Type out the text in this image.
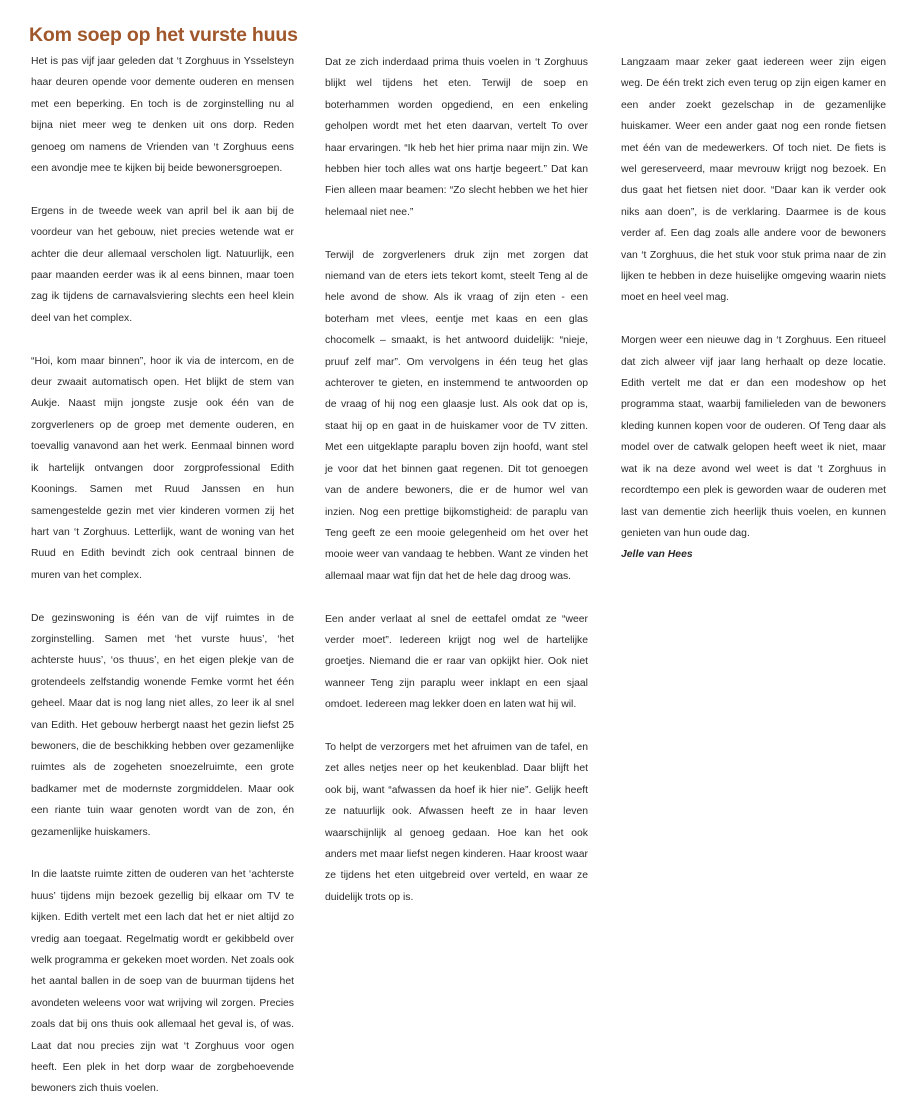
Kom soep op het vurste huus

Het is pas vijf jaar geleden dat ‘t Zorghuus in Ysselsteyn haar deuren opende voor demente ouderen en mensen met een beperking. En toch is de zorginstelling nu al bijna niet meer weg te denken uit ons dorp. Reden genoeg om namens de Vrienden van ‘t Zorghuus eens een avondje mee te kijken bij beide bewonersgroepen.

Ergens in de tweede week van april bel ik aan bij de voordeur van het gebouw, niet precies wetende wat er achter die deur allemaal verscholen ligt. Natuurlijk, een paar maanden eerder was ik al eens binnen, maar toen zag ik tijdens de carnavalsviering slechts een heel klein deel van het complex.

“Hoi, kom maar binnen”, hoor ik via de intercom, en de deur zwaait automatisch open. Het blijkt de stem van Aukje. Naast mijn jongste zusje ook één van de zorgverleners op de groep met demente ouderen, en toevallig vanavond aan het werk. Eenmaal binnen word ik hartelijk ontvangen door zorgprofessional Edith Koonings. Samen met Ruud Janssen en hun samengestelde gezin met vier kinderen vormen zij het hart van ‘t Zorghuus. Letterlijk, want de woning van het Ruud en Edith bevindt zich ook centraal binnen de muren van het complex.

De gezinswoning is één van de vijf ruimtes in de zorginstelling. Samen met ‘het vurste huus’, ‘het achterste huus’, ‘os thuus’, en het eigen plekje van de grotendeels zelfstandig wonende Femke vormt het één geheel. Maar dat is nog lang niet alles, zo leer ik al snel van Edith. Het gebouw herbergt naast het gezin liefst 25 bewoners, die de beschikking hebben over gezamenlijke ruimtes als de zogeheten snoezelruimte, een grote badkamer met de modernste zorgmiddelen. Maar ook een riante tuin waar genoten wordt van de zon, én gezamenlijke huiskamers.

In die laatste ruimte zitten de ouderen van het ‘achterste huus’ tijdens mijn bezoek gezellig bij elkaar om TV te kijken. Edith vertelt met een lach dat het er niet altijd zo vredig aan toegaat. Regelmatig wordt er gekibbeld over welk programma er gekeken moet worden. Net zoals ook het aantal ballen in de soep van de buurman tijdens het avondeten weleens voor wat wrijving wil zorgen. Precies zoals dat bij ons thuis ook allemaal het geval is, of was. Laat dat nou precies zijn wat ‘t Zorghuus voor ogen heeft. Een plek in het dorp waar de zorgbehoevende bewoners zich thuis voelen.

Dat ze zich inderdaad prima thuis voelen in ‘t Zorghuus blijkt wel tijdens het eten. Terwijl de soep en boterhammen worden opgediend, en een enkeling geholpen wordt met het eten daarvan, vertelt To over haar ervaringen. “Ik heb het hier prima naar mijn zin. We hebben hier toch alles wat ons hartje begeert.” Dat kan Fien alleen maar beamen: “Zo slecht hebben we het hier helemaal niet nee.”

Terwijl de zorgverleners druk zijn met zorgen dat niemand van de eters iets tekort komt, steelt Teng al de hele avond de show. Als ik vraag of zijn eten - een boterham met vlees, eentje met kaas en een glas chocomelk – smaakt, is het antwoord duidelijk: “nieje, pruuf zelf mar”. Om vervolgens in één teug het glas achterover te gieten, en instemmend te antwoorden op de vraag of hij nog een glaasje lust. Als ook dat op is, staat hij op en gaat in de huiskamer voor de TV zitten. Met een uitgeklapte paraplu boven zijn hoofd, want stel je voor dat het binnen gaat regenen. Dit tot genoegen van de andere bewoners, die er de humor wel van inzien. Nog een prettige bijkomstigheid: de paraplu van Teng geeft ze een mooie gelegenheid om het over het mooie weer van vandaag te hebben. Want ze vinden het allemaal maar wat fijn dat het de hele dag droog was.

Een ander verlaat al snel de eettafel omdat ze “weer verder moet”. Iedereen krijgt nog wel de hartelijke groetjes. Niemand die er raar van opkijkt hier. Ook niet wanneer Teng zijn paraplu weer inklapt en een sjaal omdoet. Iedereen mag lekker doen en laten wat hij wil.

To helpt de verzorgers met het afruimen van de tafel, en zet alles netjes neer op het keukenblad. Daar blijft het ook bij, want “afwassen da hoef ik hier nie”. Gelijk heeft ze natuurlijk ook. Afwassen heeft ze in haar leven waarschijnlijk al genoeg gedaan. Hoe kan het ook anders met maar liefst negen kinderen. Haar kroost waar ze tijdens het eten uitgebreid over verteld, en waar ze duidelijk trots op is.

Langzaam maar zeker gaat iedereen weer zijn eigen weg. De één trekt zich even terug op zijn eigen kamer en een ander zoekt gezelschap in de gezamenlijke huiskamer. Weer een ander gaat nog een ronde fietsen met één van de medewerkers. Of toch niet. De fiets is wel gereserveerd, maar mevrouw krijgt nog bezoek. En dus gaat het fietsen niet door. “Daar kan ik verder ook niks aan doen”, is de verklaring. Daarmee is de kous verder af. Een dag zoals alle andere voor de bewoners van ‘t Zorghuus, die het stuk voor stuk prima naar de zin lijken te hebben in deze huiselijke omgeving waarin niets moet en heel veel mag.

Morgen weer een nieuwe dag in ‘t Zorghuus. Een ritueel dat zich alweer vijf jaar lang herhaalt op deze locatie. Edith vertelt me dat er dan een modeshow op het programma staat, waarbij familieleden van de bewoners kleding kunnen kopen voor de ouderen. Of Teng daar als model over de catwalk gelopen heeft weet ik niet, maar wat ik na deze avond wel weet is dat ‘t Zorghuus in recordtempo een plek is geworden waar de ouderen met last van dementie zich heerlijk thuis voelen, en kunnen genieten van hun oude dag.

Jelle van Hees
